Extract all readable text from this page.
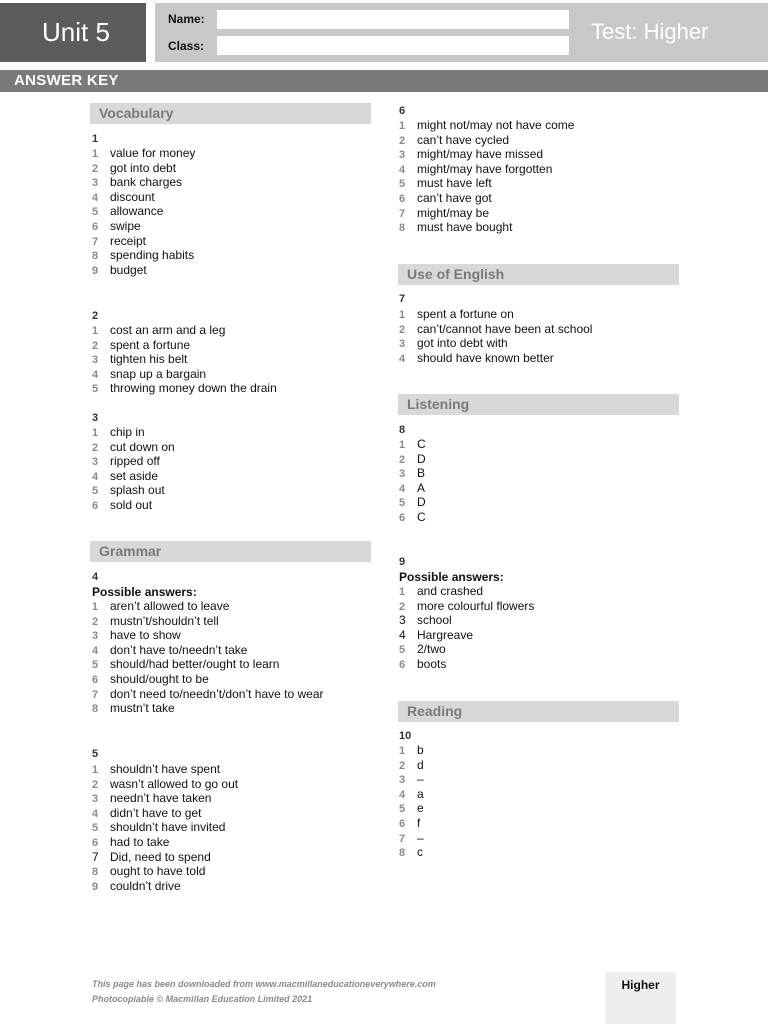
Unit 5	Name:
Class:
Test: Higher
ANSWER KEY
Vocabulary
1
1 value for money
2 got into debt
3 bank charges
4 discount
5 allowance
6 swipe
7 receipt
8 spending habits
9 budget
2
1 cost an arm and a leg
2 spent a fortune
3 tighten his belt
4 snap up a bargain
5 throwing money down the drain
3
1 chip in
2 cut down on
3 ripped off
4 set aside
5 splash out
6 sold out
Grammar
4
Possible answers:
1 aren’t allowed to leave
2 mustn’t/shouldn’t tell
3 have to show
4 don’t have to/needn’t take
5 should/had better/ought to learn
6 should/ought to be
7 don’t need to/needn’t/don’t have to wear
8 mustn’t take
5
1 shouldn’t have spent
2 wasn’t allowed to go out
3 needn’t have taken
4 didn’t have to get
5 shouldn’t have invited
6 had to take
7 Did, need to spend
8 ought to have told
9 couldn’t drive
6
1 might not/may not have come
2 can’t have cycled
3 might/may have missed
4 might/may have forgotten
5 must have left
6 can’t have got
7 might/may be
8 must have bought
Use of English
7
1 spent a fortune on
2 can’t/cannot have been at school
3 got into debt with
4 should have known better
Listening
8
1 C
2 D
3 B
4 A
5 D
6 C
9
Possible answers:
1 and crashed
2 more colourful flowers
3 school
4 Hargreave
5 2/two
6 boots
Reading
10
1 b
2 d
3 –
4 a
5 e
6 f
7 –
8 c
This page has been downloaded from www.macmillaneducationeverywhere.com
Photocopiable © Macmillan Education Limited 2021
Higher
